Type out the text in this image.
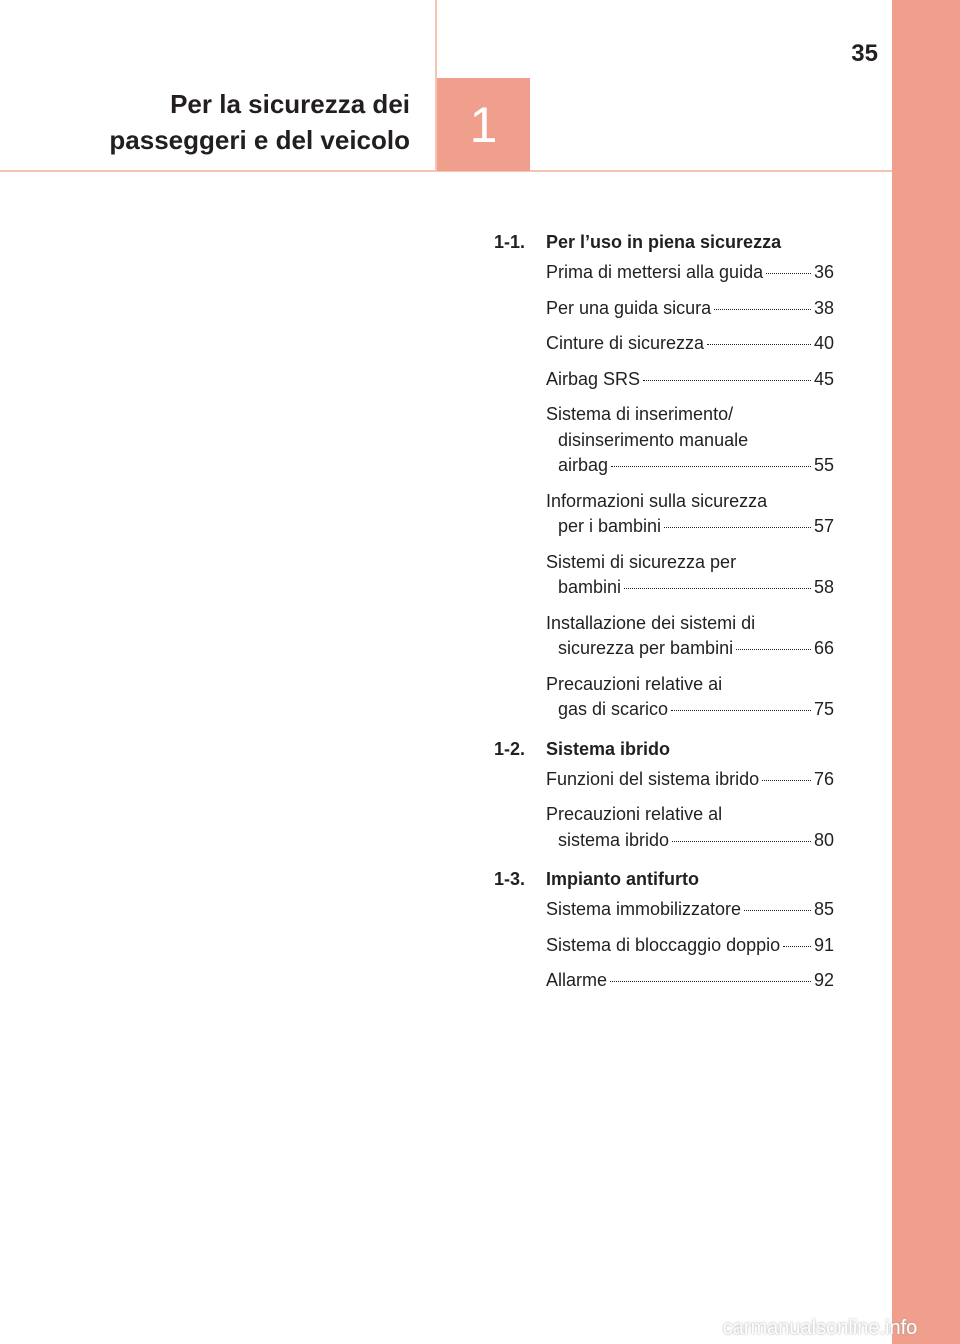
1
35
Per la sicurezza dei
passeggeri e del veicolo
1-1. Per l’uso in piena sicurezza
Prima di mettersi alla guida	36
Per una guida sicura	38
Cinture di sicurezza	40
Airbag SRS	45
Sistema di inserimento/
disinserimento manuale
airbag	55
Informazioni sulla sicurezza
per i bambini	57
Sistemi di sicurezza per
bambini	58
Installazione dei sistemi di
sicurezza per bambini	66
Precauzioni relative ai
gas di scarico	75
1-2. Sistema ibrido
Funzioni del sistema ibrido	76
Precauzioni relative al
sistema ibrido	80
1-3. Impianto antifurto
Sistema immobilizzatore	85
Sistema di bloccaggio doppio 91
Allarme	92
carmanualsonline.info
